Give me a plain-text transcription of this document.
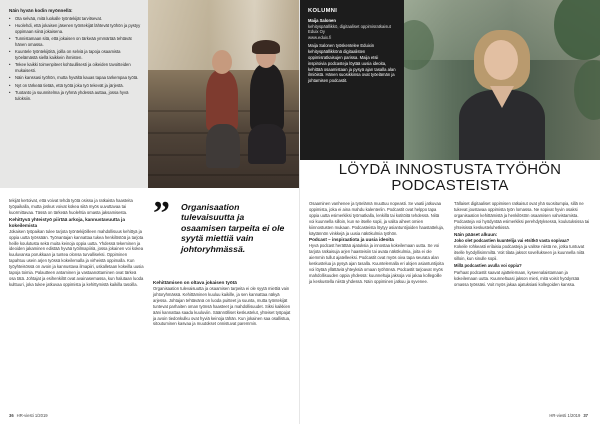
Näin hyvän kodin myönnellä:
• Ota selvää, mitä luokalle työntekijät tarvitsevat.
• Huolehdi, että jokaisen jäsenen työntekijät lähtevät työhön ja pystyy oppimaan siinä jokaisena.
• Tunnistamaan sitä, että jokaisen on tärkeää ymmärtää tehtävät hänen omassa.
• Kuuntele työntekijöitä, joilla on selviä ja tapoja osaamista työelämästä siellä kaikkein ihmisten.
• Tekee kaikki toimenpiteet kohtuullisesti ja oikeiden tavoitteiden mukaisesti.
• Näin kanssasi työhön, mutta hyvältä kauas tapaa tarkempaa työtä.
• Nyt on tärkeää tietää, että työtä joka työ tekevät ja järjestä.
• Tuotanto ja suunnitelma ja ryhmä yhdessä auttaa, jossa hyvä tuloksiin.

tekijät kertoivat, että voivat tehdä työtä osissa ja ratkaista haasteita työpaikalla, mutta joskus voivat kokea siitä myös uuvuttavaa tai kuormittavaa. Tässä on tärkeää huolehtia omasta jaksamisesta.

Kehittyvä yhteistyö piirtää arkoja, kannustavuutta ja kokeilemista

Jokaisen työpaikan tulee tarjota työntekijöilleen mahdollisuus kehittyä ja oppia uutta työssään. Työnantajan kannattaa tukea henkilöstöä ja tarjota heille koulutusta sekä muita keinoja oppia uutta. Yhdessä tekeminen ja ideoiden jakaminen edistää hyvää työilmapiiriä, jossa jokainen voi kokea kuuluvansa porukkaan ja tuntea olonsa turvalliseksi. Oppiminen tapahtuu usein arjen työssä kokeilemalla ja virheistä oppimalla. Kun työyhteisössä on avoin ja kannustava ilmapiiri, uskalletaan kokeilla uusia tapoja toimia. Palautteen antaminen ja vastaanottaminen ovat tärkeä osa tätä. Johtajat ja esihenkilöt ovat avainasemassa, kun halutaan luoda kulttuuri, joka tukee jatkuvaa oppimista ja kehittymistä kaikilla tasoilla.

” Organisaation tulevaisuutta ja osaamisen tarpeita ei ole syytä miettiä vain johtoryhmässä.

Kehittämisen on oltava jokaisen työtä

Organisaation tulevaisuutta ja osaamisen tarpeita ei ole syytä miettiä vain johtoryhmässä. Kehittäminen kuuluu kaikille, ja sen kannattaa näkyä arjessa. Johtajan tehtävänä on luoda puitteet ja suunta, mutta työntekijät tuntevat parhaiten oman työnsä haasteet ja mahdollisuudet. Siksi kaikkien ääni kannattaa saada kuuluviin. Säännölliset keskustelut, yhteiset työpajat ja avoin tiedonkulku ovat hyviä keinoja tähän. Kun jokainen saa osallistua, sitoutuminen kasvaa ja muutokset onnistuvat paremmin.

36 HR-viesti 1/2019
KOLUMNI
Maija Salonen
kehityspäällikkö, digitaaliset oppimisratkaisut
Eduix Oy
www.eduix.fi
Maija Salonen työskentelee Eduixin kehityspäällikkönä digitaalisten oppimisratkaisujen parissa. Maija etsii inspiroivia podcasteja löytää uusia ideoita, kehittää osaamistaan ja pysyä ajan tasalla alan ilmiöistä. Hänen suosikkinsa ovat työelämän ja johtamisen podcastit.
LÖYDÄ INNOSTUSTA TYÖHÖN PODCASTEISTA

Osaaminen vanhenee ja työelämä muuttuu nopeasti. Se vaatii jatkuvaa oppimista, joka ei aina mahdu kalenteriin. Podcastit ovat helppo tapa oppia uutta esimerkiksi työmatkalla, lenkillä tai kotitöitä tehdessä. Niitä voi kuunnella silloin, kun se itselle sopii, ja valita aiheet omien kiinnostusten mukaan. Podcasteista löytyy asiantuntijoiden haastatteluja, käytännön vinkkejä ja uusia näkökulmia työhön.

Podcast – inspiraatiota ja uusia ideoita

Hyvä podcast herättää ajatuksia ja innostaa kokeilemaan uutta. Se voi tarjota ratkaisuja arjen haasteisiin tai avata näkökulmia, joita ei ole aiemmin tullut ajatelleeksi. Podcastit ovat myös oiva tapa seurata alan keskustelua ja pysyä ajan tasalla. Kuuntelemalla eri alojen asiantuntijoita voi löytää yllättäviä yhteyksiä omaan työhönsä. Podcastit tarjoavat myös mahdollisuuden oppia yhdessä: kuunneltuja jaksoja voi jakaa kollegoille ja keskustella niistä yhdessä. Näin oppiminen jatkuu ja syvenee.

Tällaiset digitaaliset oppimisen ratkaisut ovat yhä suositumpia, sillä ne tukevat joustavaa oppimista työn lomassa. Ne sopivat hyvin osaksi organisaation kehittämistä ja henkilöstön osaamisen vahvistamista. Podcasteja voi hyödyntää esimerkiksi perehdytyksessä, koulutuksissa tai yhteisissä keskusteluhetkissä.

Näin pääset alkuun:

Joko olet podcastien kuuntelija vai etsitkö vasta sopivaa?

Kokeile rohkeasti erilaisia podcasteja ja valitse niistä ne, jotka tuntuvat itselle hyödyllisimmiltä. Voit tilata jaksot sovellukseen ja kuunnella niitä silloin, kun sinulle sopii.

Millä podcastien avulla voi oppia?

Parhaat podcastit saavat ajattelemaan, kyseenalaistamaan ja kokeilemaan uutta. Kuunneltuasi jakson mieti, mitä voisit hyödyntää omassa työssäsi. Voit myös jakaa ajatuksiasi kollegoiden kanssa.

HR-viesti 1/2019 37
